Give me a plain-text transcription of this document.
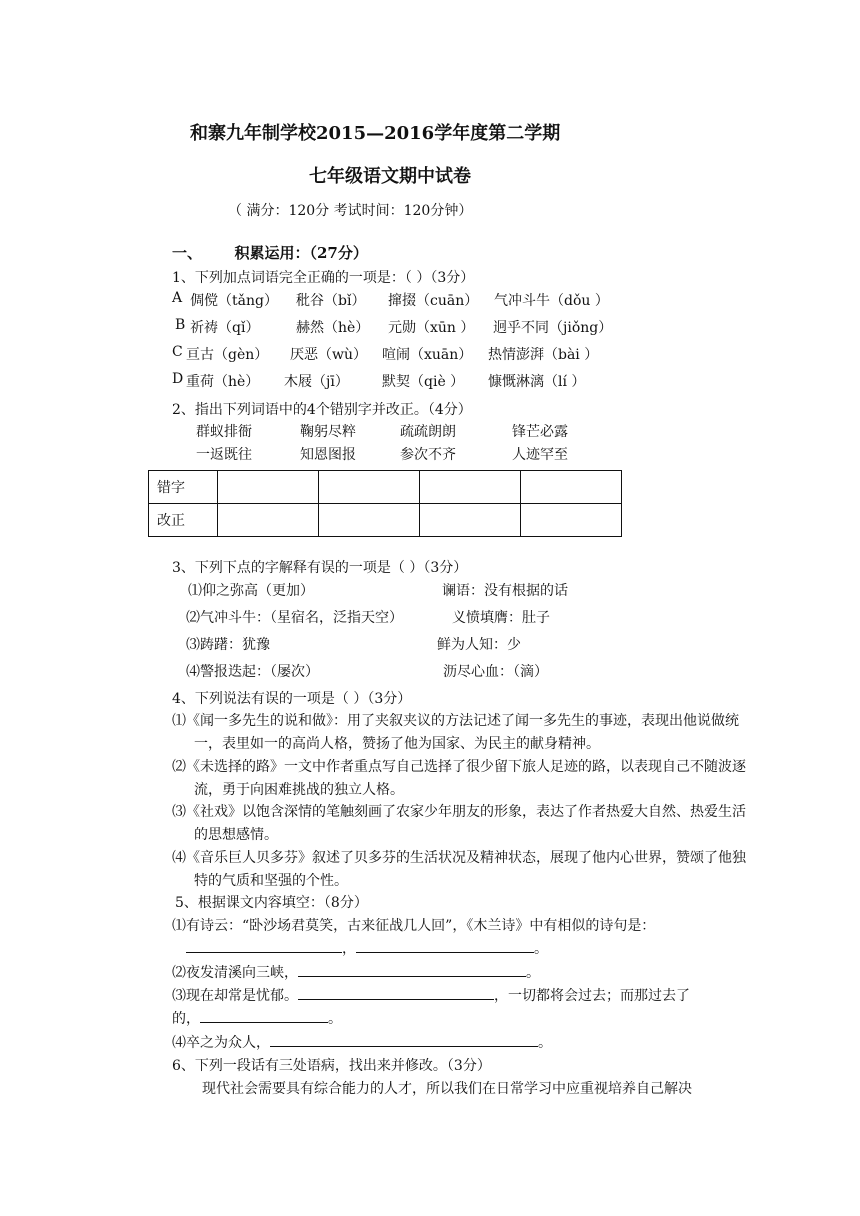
和寨九年制学校2015—2016学年度第二学期
七年级语文期中试卷
（ 满分：120分 考试时间：120分钟）
一、 积累运用：（27分）
1、下列加点词语完全正确的一项是：（ ）（3分）
A 倜傥（tǎng） 秕谷（bǐ） 撺掇（cuān） 气冲斗牛（dǒu ）
B 祈祷（qǐ）	赫然（hè） 元勋（xūn ） 迥乎不同（jiǒng）
C 亘古（gèn） 厌恶（wù） 喧闹（xuān） 热情澎湃（bài ）
D 重荷（hè） 木屐（jī） 默契（qiè ） 慷慨淋漓（lí ）
2、指出下列词语中的4个错别字并改正。（4分）
群蚁排衙	鞠躬尽粹	疏疏朗朗	锋芒必露
一返既往	知恩图报	参次不齐	人迹罕至
错字				
改正				
3、下列下点的字解释有误的一项是（ ）（3分）
⑴仰之弥高（更加）	谰语：没有根据的话
⑵气冲斗牛：（星宿名，泛指天空）	义愤填膺：肚子
⑶踌躇：犹豫	鲜为人知：少
⑷警报迭起：（屡次）	沥尽心血：（滴）
4、下列说法有误的一项是（ ）（3分）
⑴《闻一多先生的说和做》：用了夹叙夹议的方法记述了闻一多先生的事迹，表现出他说做统一，表里如一的高尚人格，赞扬了他为国家、为民主的献身精神。
⑵《未选择的路》一文中作者重点写自己选择了很少留下旅人足迹的路，以表现自己不随波逐流，勇于向困难挑战的独立人格。
⑶《社戏》以饱含深情的笔触刻画了农家少年朋友的形象，表达了作者热爱大自然、热爱生活的思想感情。
⑷《音乐巨人贝多芬》叙述了贝多芬的生活状况及精神状态，展现了他内心世界，赞颂了他独特的气质和坚强的个性。
5、根据课文内容填空：（8分）
⑴有诗云：“卧沙场君莫笑，古来征战几人回”，《木兰诗》中有相似的诗句是：
，	。
⑵夜发清溪向三峡，	。
⑶现在却常是忧郁。	，一切都将会过去；而那过去了
的，	。
⑷卒之为众人，	。
6、下列一段话有三处语病，找出来并修改。（3分）
现代社会需要具有综合能力的人才，所以我们在日常学习中应重视培养自己解决
